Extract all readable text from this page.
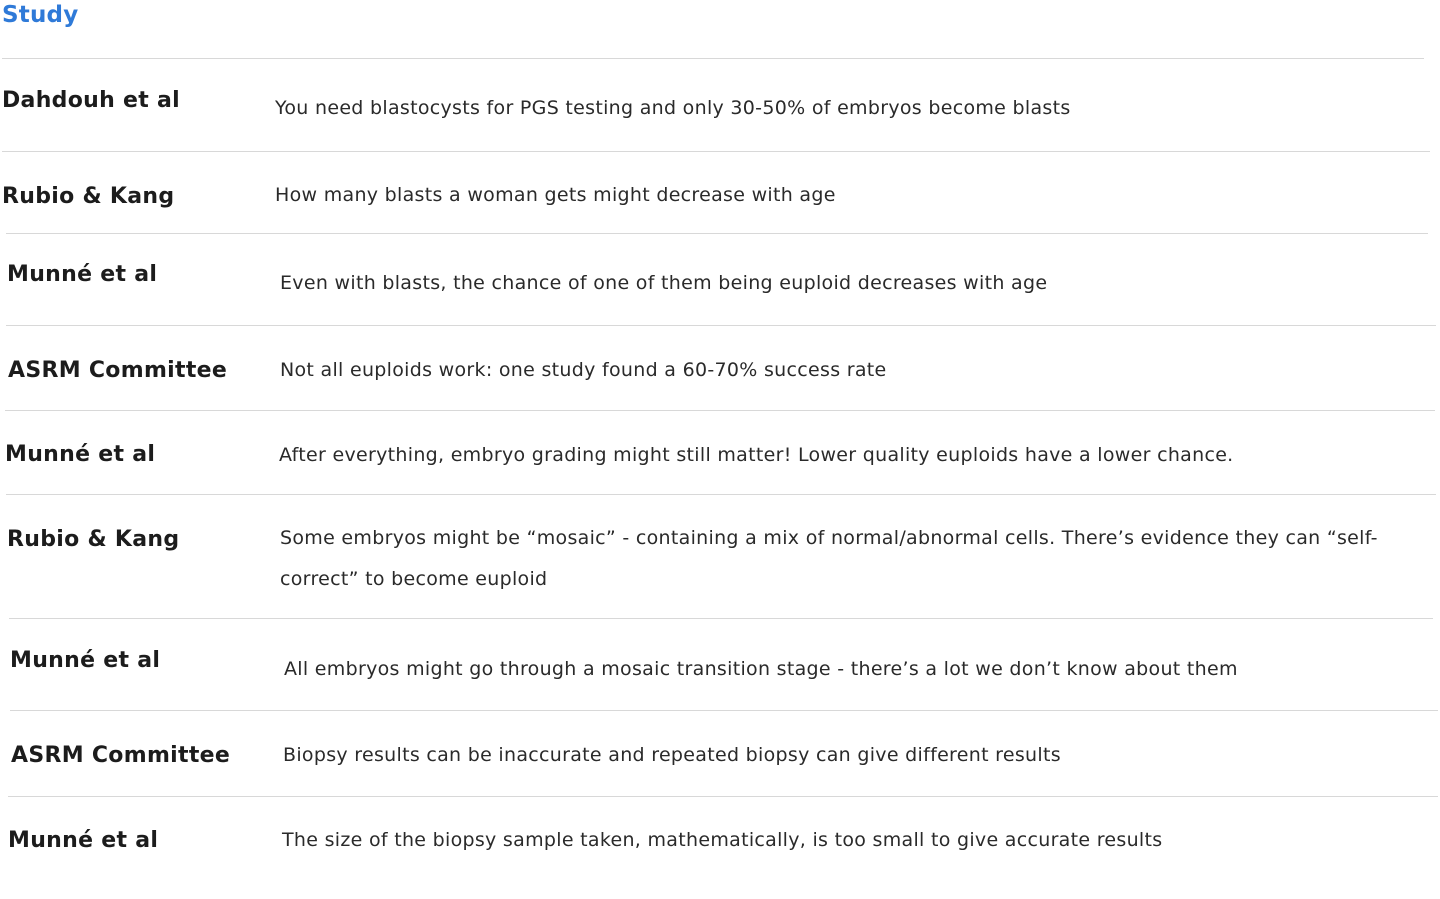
Study
Dahdouh et al	You need blastocysts for PGS testing and only 30-50% of embryos become blasts
Rubio & Kang	How many blasts a woman gets might decrease with age
Munné et al	Even with blasts, the chance of one of them being euploid decreases with age
ASRM Committee	Not all euploids work: one study found a 60-70% success rate
Munné et al	After everything, embryo grading might still matter! Lower quality euploids have a lower chance.
Rubio & Kang	Some embryos might be “mosaic” - containing a mix of normal/abnormal cells. There’s evidence they can “self-correct” to become euploid
Munné et al	All embryos might go through a mosaic transition stage - there’s a lot we don’t know about them
ASRM Committee	Biopsy results can be inaccurate and repeated biopsy can give different results
Munné et al	The size of the biopsy sample taken, mathematically, is too small to give accurate results
